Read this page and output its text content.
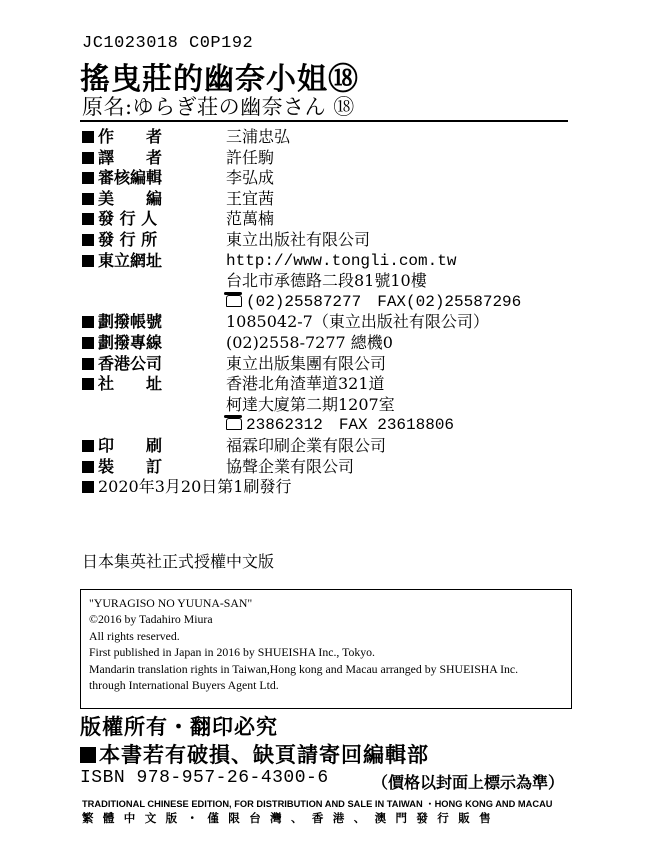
JC1023018 C0P192
搖曳莊的幽奈小姐⑱
原名:ゆらぎ荘の幽奈さん ⑱
作　　者	三浦忠弘
譯　　者	許任駒
審核編輯	李弘成
美　　編	王宜茜
發 行 人	范萬楠
發 行 所	東立出版社有限公司
東立網址	http://www.tongli.com.tw
台北市承德路二段81號10樓
(02)25587277　FAX(02)25587296
劃撥帳號	1085042-7（東立出版社有限公司）
劃撥專線	(02)2558-7277 總機0
香港公司	東立出版集團有限公司
社　　址	香港北角渣華道321道
柯達大廈第二期1207室
23862312　FAX 23618806
印　　刷	福霖印刷企業有限公司
裝　　訂	協聲企業有限公司
2020年3月20日第1刷發行
日本集英社正式授權中文版
"YURAGISO NO YUUNA-SAN"
©2016 by Tadahiro Miura
All rights reserved.
First published in Japan in 2016 by SHUEISHA Inc., Tokyo.
Mandarin translation rights in Taiwan,Hong kong and Macau arranged by SHUEISHA Inc.
through International Buyers Agent Ltd.
版權所有・翻印必究
本書若有破損、缺頁請寄回編輯部
ISBN 978-957-26-4300-6	（價格以封面上標示為準）
TRADITIONAL CHINESE EDITION, FOR DISTRIBUTION AND SALE IN TAIWAN ・HONG KONG AND MACAU
繁體中文版・僅限台灣、香港、澳門發行販售
